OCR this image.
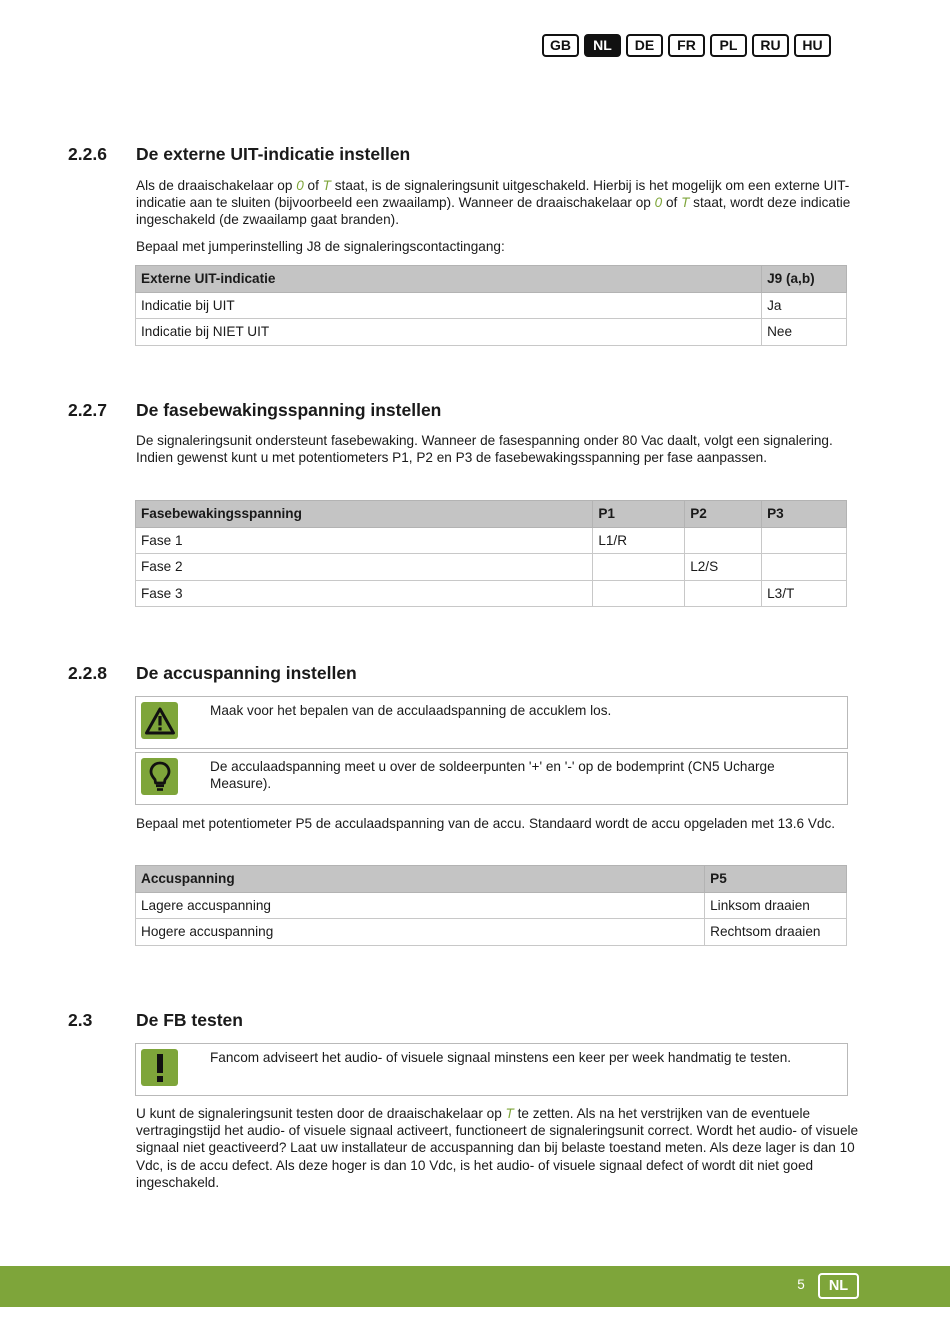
GB	NL	DE	FR	PL	RU	HU
2.2.6 De externe UIT-indicatie instellen
Als de draaischakelaar op 0 of T staat, is de signaleringsunit uitgeschakeld. Hierbij is het mogelijk om een externe UIT-indicatie aan te sluiten (bijvoorbeeld een zwaailamp). Wanneer de draaischakelaar op 0 of T staat, wordt deze indicatie ingeschakeld (de zwaailamp gaat branden).
Bepaal met jumperinstelling J8 de signaleringscontactingang:
Externe UIT-indicatie	J9 (a,b)
Indicatie bij UIT	Ja
Indicatie bij NIET UIT	Nee
2.2.7 De fasebewakingsspanning instellen
De signaleringsunit ondersteunt fasebewaking. Wanneer de fasespanning onder 80 Vac daalt, volgt een signalering. Indien gewenst kunt u met potentiometers P1, P2 en P3 de fasebewakingsspanning per fase aanpassen.
Fasebewakingsspanning	P1	P2	P3
Fase 1	L1/R		
Fase 2		L2/S	
Fase 3			L3/T
2.2.8 De accuspanning instellen
Maak voor het bepalen van de acculaadspanning de accuklem los.
De acculaadspanning meet u over de soldeerpunten '+' en '-' op de bodemprint (CN5 Ucharge Measure).
Bepaal met potentiometer P5 de acculaadspanning van de accu. Standaard wordt de accu opgeladen met 13.6 Vdc.
Accuspanning	P5
Lagere accuspanning	Linksom draaien
Hogere accuspanning	Rechtsom draaien
2.3 De FB testen
Fancom adviseert het audio- of visuele signaal minstens een keer per week handmatig te testen.
U kunt de signaleringsunit testen door de draaischakelaar op T te zetten. Als na het verstrijken van de eventuele vertragingstijd het audio- of visuele signaal activeert, functioneert de signaleringsunit correct. Wordt het audio- of visuele signaal niet geactiveerd? Laat uw installateur de accuspanning dan bij belaste toestand meten. Als deze lager is dan 10 Vdc, is de accu defect. Als deze hoger is dan 10 Vdc, is het audio- of visuele signaal defect of wordt dit niet goed ingeschakeld.
5	NL
